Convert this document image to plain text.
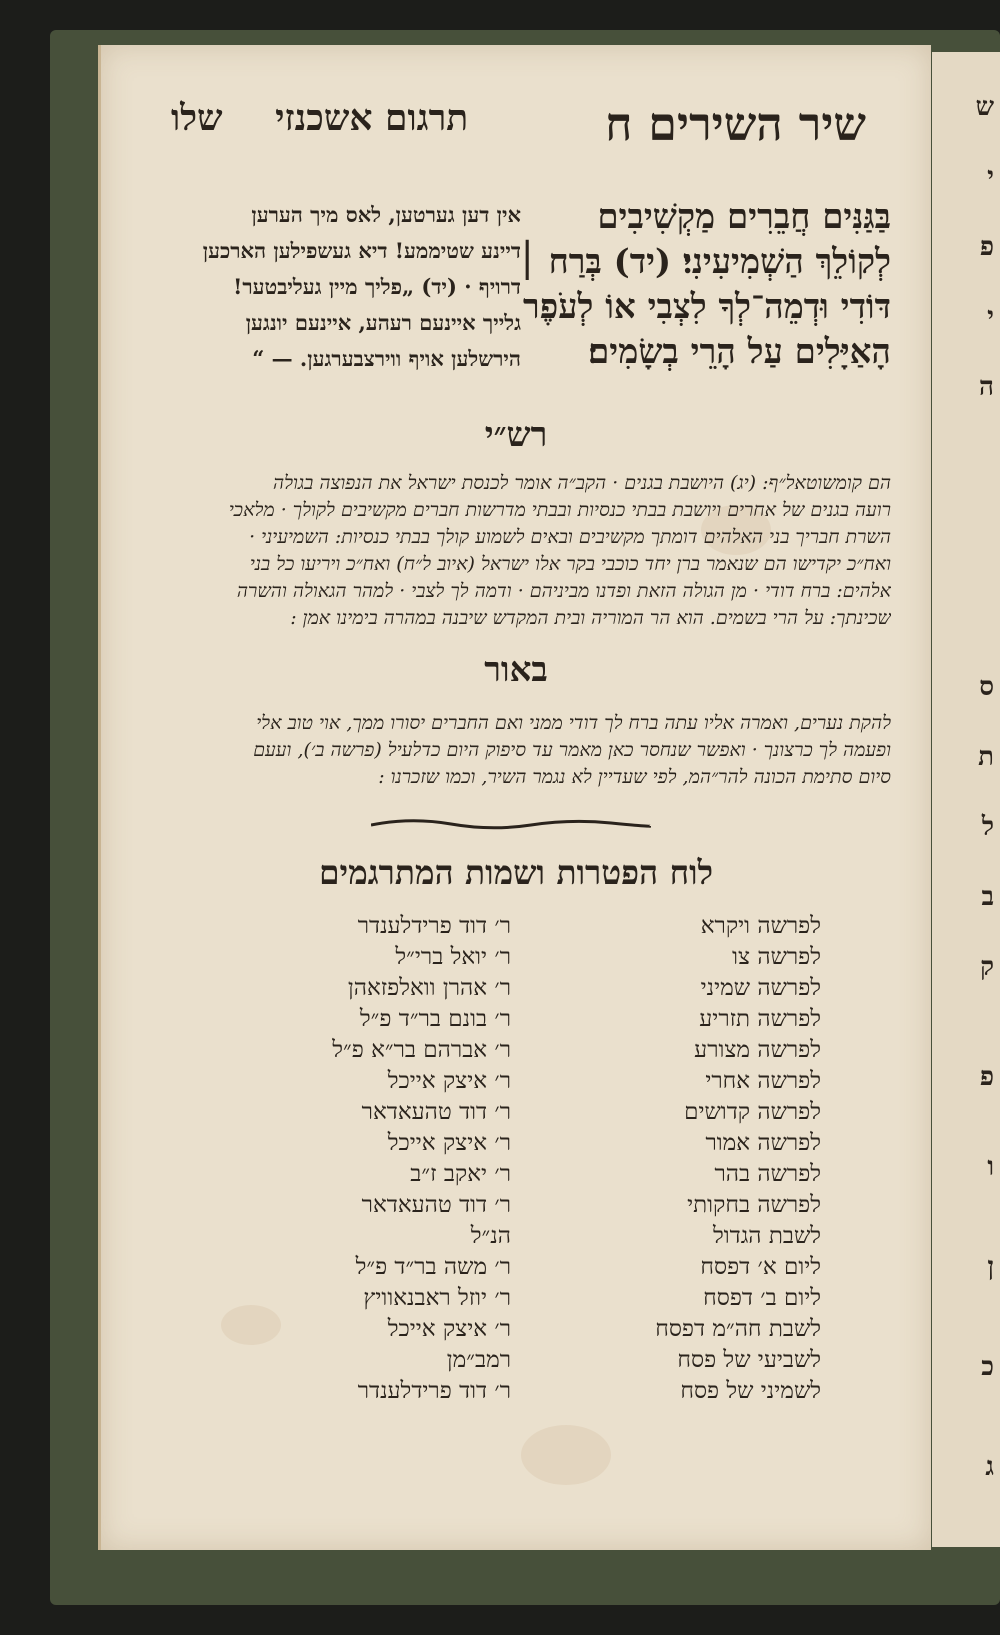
ש
י
פ
י
ה
ס
ת
ל
ב
ק
פ
ו
ן
כ
ג
שיר השירים ח
תרגום אשכנזי שלו
בַּגַּנִּים חֲבֵרִים מַקְשִׁיבִים
לְקוֹלֵךְ הַשְׁמִיעִינִי׃ (יד) בְּרַח ׀
דּוֹדִי וּדְמֵה־לְךָ לִצְבִי אוֹ לְעֹפֶר
הָאַיָּלִים עַל הָרֵי בְשָׂמִים׃
אין דען גערטען, לאס מיך הערען
דיינע שטיממע! דיא געשפילען הארכען
דרויף · (יד) „פליך מיין געליבטער!
גלייך איינעם רעהע, איינעם יונגען
הירשלען אויף ווירצבערגען. — “
רש״י
הם קומשוטאל״ף: (יג) היושבת בגנים · הקב״ה אומר לכנסת ישראל את הנפוצה בגולה
רועה בגנים של אחרים ויושבת בבתי כנסיות ובבתי מדרשות חברים מקשיבים לקולך · מלאכי
השרת חבריך בני האלהים דומתך מקשיבים ובאים לשמוע קולך בבתי כנסיות: השמיעיני ·
ואח״כ יקדישו הם שנאמר ברן יחד כוכבי בקר אלו ישראל (איוב ל״ח) ואח״כ ויריעו כל בני
אלהים: ברח דודי · מן הגולה הזאת ופדנו מביניהם · ודמה לך לצבי · למהר הגאולה והשרה
שכינתך: על הרי בשמים. הוא הר המוריה ובית המקדש שיבנה במהרה בימינו אמן :
באור
להקת נערים, ואמרה אליו עתה ברח לך דודי ממני ואם החברים יסורו ממך, אוי טוב אלי
ופעמה לך כרצונך · ואפשר שנחסר כאן מאמר עד סיפוק היום כדלעיל (פרשה ב׳), ועעם
סיום סתימת הכונה להר״המ, לפי שעדיין לא נגמר השיר, וכמו שזכרנו :
לוח הפטרות ושמות המתרגמים
לפרשה ויקרא
ר׳ דוד פרידלענדר
לפרשה צו
ר׳ יואל ברי״ל
לפרשה שמיני
ר׳ אהרן וואלפזאהן
לפרשה תזריע
ר׳ בונם בר״ד פ״ל
לפרשה מצורע
ר׳ אברהם בר״א פ״ל
לפרשה אחרי
ר׳ איצק אייכל
לפרשה קדושים
ר׳ דוד טהעאדאר
לפרשה אמור
ר׳ איצק אייכל
לפרשה בהר
ר׳ יאקב ז״ב
לפרשה בחקותי
ר׳ דוד טהעאדאר
לשבת הגדול
הנ״ל
ליום א׳ דפסח
ר׳ משה בר״ד פ״ל
ליום ב׳ דפסח
ר׳ יוזל ראבנאוויץ
לשבת חה״מ דפסח
ר׳ איצק אייכל
לשביעי של פסח
רמב״מן
לשמיני של פסח
ר׳ דוד פרידלענדר
